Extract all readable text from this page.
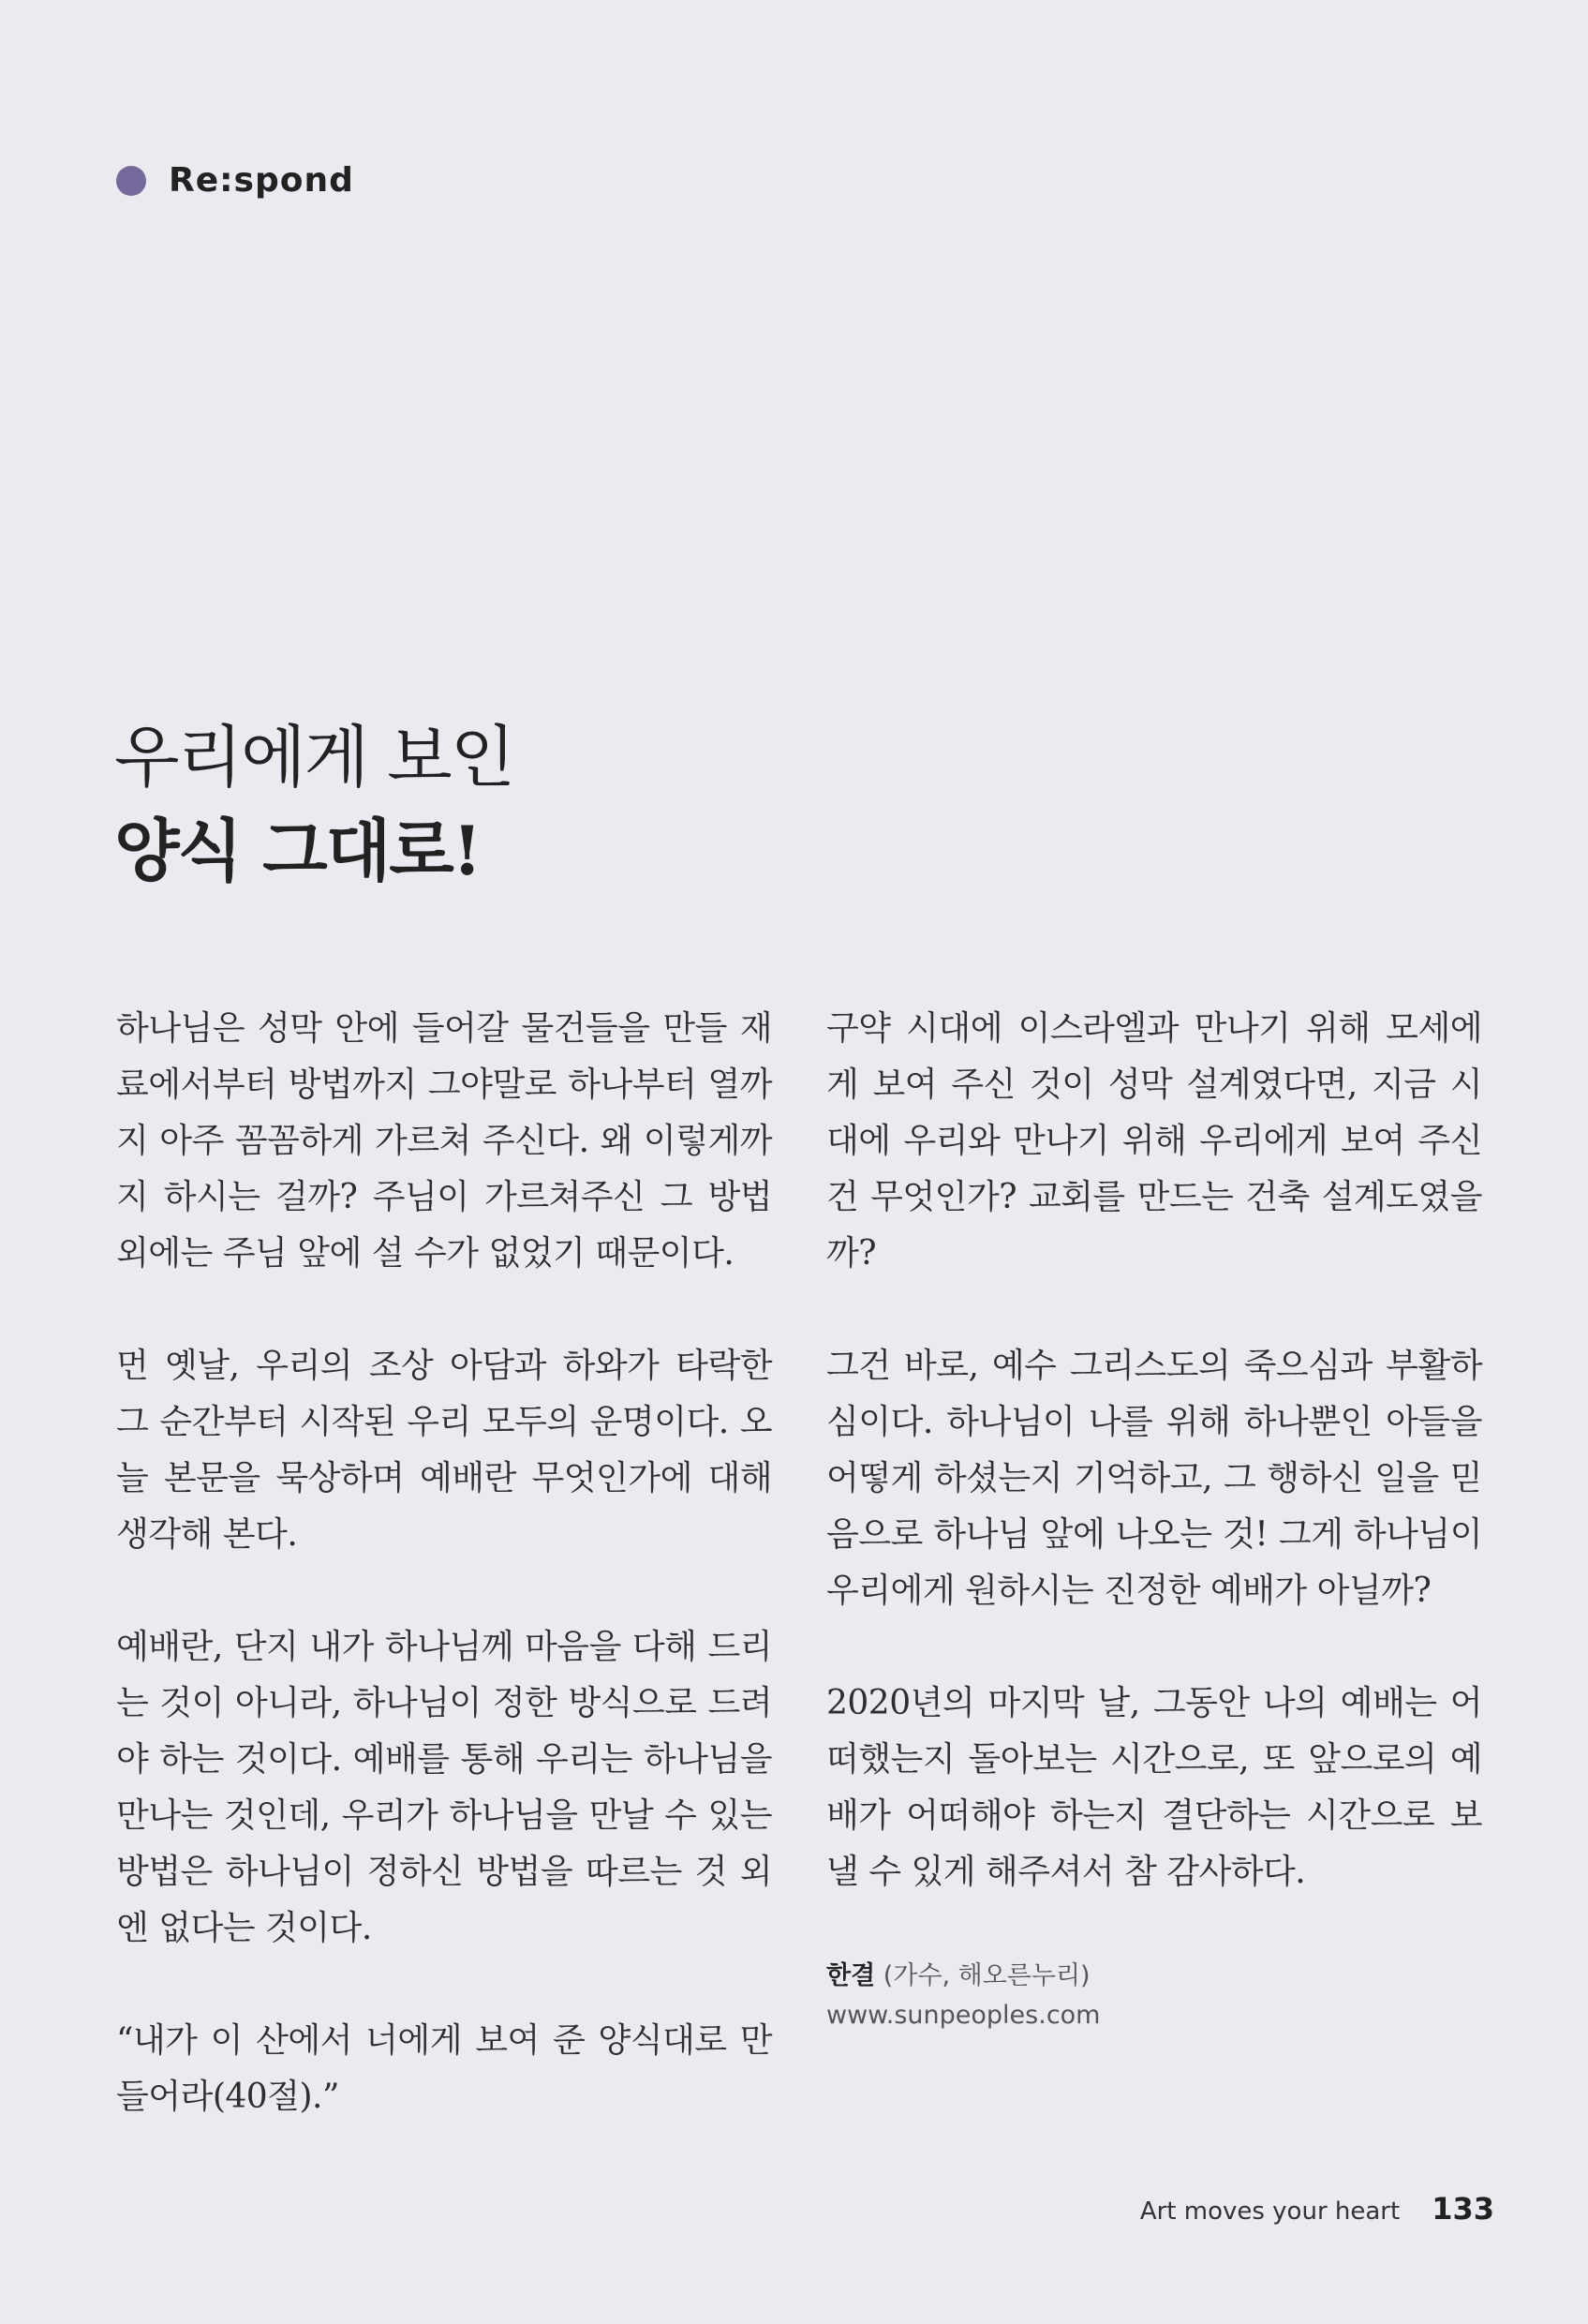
Re:spond
우리에게 보인
양식 그대로!

하나님은 성막 안에 들어갈 물건들을 만들 재료에서부터 방법까지 그야말로 하나부터 열까지 아주 꼼꼼하게 가르쳐 주신다. 왜 이렇게까지 하시는 걸까? 주님이 가르쳐주신 그 방법 외에는 주님 앞에 설 수가 없었기 때문이다.

먼 옛날, 우리의 조상 아담과 하와가 타락한 그 순간부터 시작된 우리 모두의 운명이다. 오늘 본문을 묵상하며 예배란 무엇인가에 대해 생각해 본다.

예배란, 단지 내가 하나님께 마음을 다해 드리는 것이 아니라, 하나님이 정한 방식으로 드려야 하는 것이다. 예배를 통해 우리는 하나님을 만나는 것인데, 우리가 하나님을 만날 수 있는 방법은 하나님이 정하신 방법을 따르는 것 외엔 없다는 것이다.

“내가 이 산에서 너에게 보여 준 양식대로 만들어라(40절).”

구약 시대에 이스라엘과 만나기 위해 모세에게 보여 주신 것이 성막 설계였다면, 지금 시대에 우리와 만나기 위해 우리에게 보여 주신 건 무엇인가? 교회를 만드는 건축 설계도였을까?

그건 바로, 예수 그리스도의 죽으심과 부활하심이다. 하나님이 나를 위해 하나뿐인 아들을 어떻게 하셨는지 기억하고, 그 행하신 일을 믿음으로 하나님 앞에 나오는 것! 그게 하나님이 우리에게 원하시는 진정한 예배가 아닐까?

2020년의 마지막 날, 그동안 나의 예배는 어떠했는지 돌아보는 시간으로, 또 앞으로의 예배가 어떠해야 하는지 결단하는 시간으로 보낼 수 있게 해주셔서 참 감사하다.

한결 (가수, 해오른누리)
www.sunpeoples.com
Art moves your heart 133
